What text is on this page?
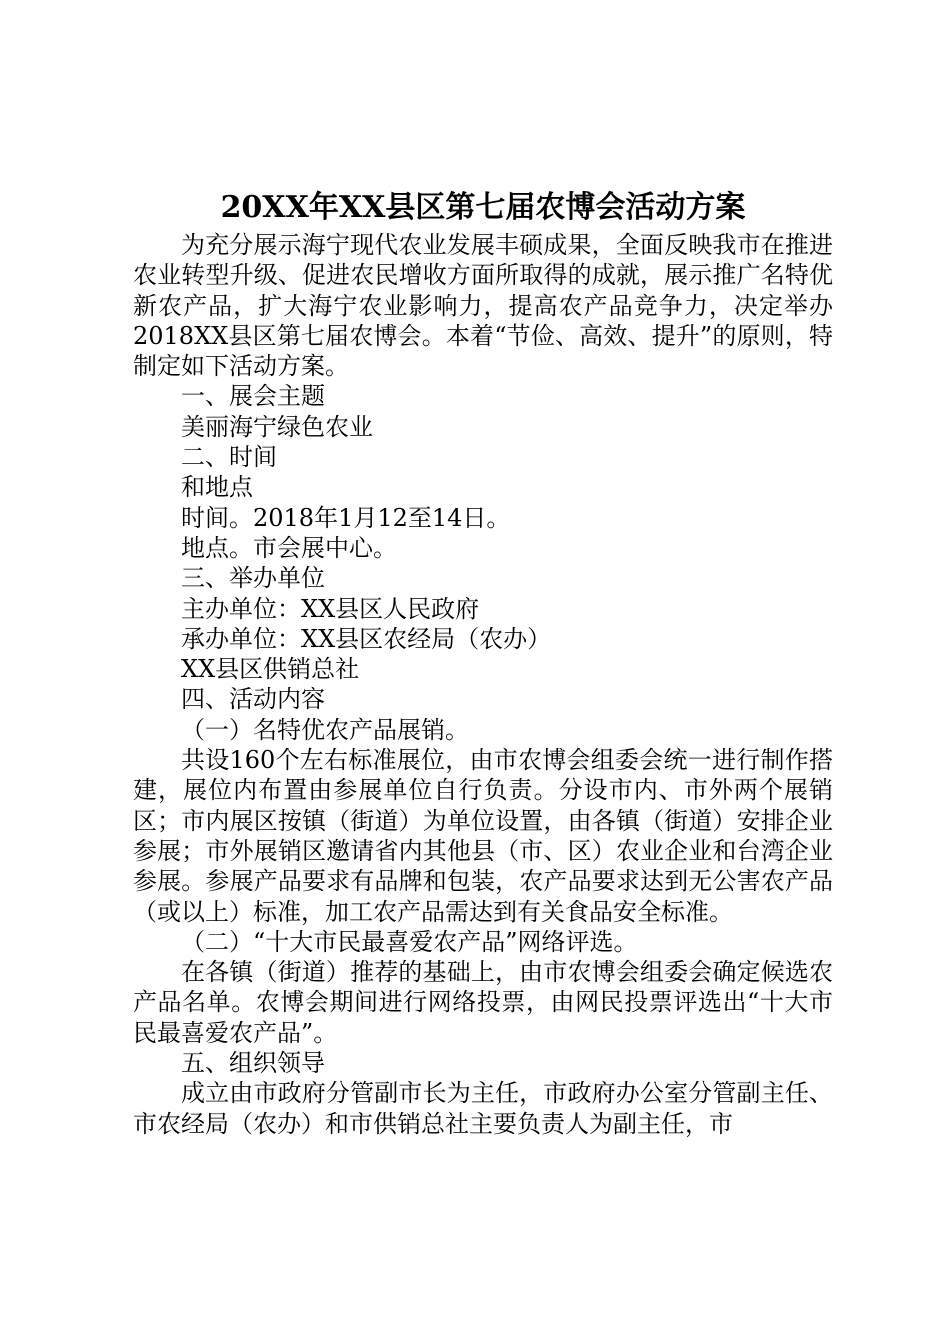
20XX年XX县区第七届农博会活动方案

为充分展示海宁现代农业发展丰硕成果，全面反映我市在推进农业转型升级、促进农民增收方面所取得的成就，展示推广名特优新农产品，扩大海宁农业影响力，提高农产品竞争力，决定举办2018XX县区第七届农博会。本着“节俭、高效、提升”的原则，特制定如下活动方案。

一、展会主题

美丽海宁绿色农业

二、时间

和地点

时间。2018年1月12至14日。

地点。市会展中心。

三、举办单位

主办单位：XX县区人民政府

承办单位：XX县区农经局（农办）

XX县区供销总社

四、活动内容

（一）名特优农产品展销。

共设160个左右标准展位，由市农博会组委会统一进行制作搭建，展位内布置由参展单位自行负责。分设市内、市外两个展销区；市内展区按镇（街道）为单位设置，由各镇（街道）安排企业参展；市外展销区邀请省内其他县（市、区）农业企业和台湾企业参展。参展产品要求有品牌和包装，农产品要求达到无公害农产品（或以上）标准，加工农产品需达到有关食品安全标准。

（二）“十大市民最喜爱农产品”网络评选。

在各镇（街道）推荐的基础上，由市农博会组委会确定候选农产品名单。农博会期间进行网络投票，由网民投票评选出“十大市民最喜爱农产品”。

五、组织领导

成立由市政府分管副市长为主任，市政府办公室分管副主任、市农经局（农办）和市供销总社主要负责人为副主任，市
